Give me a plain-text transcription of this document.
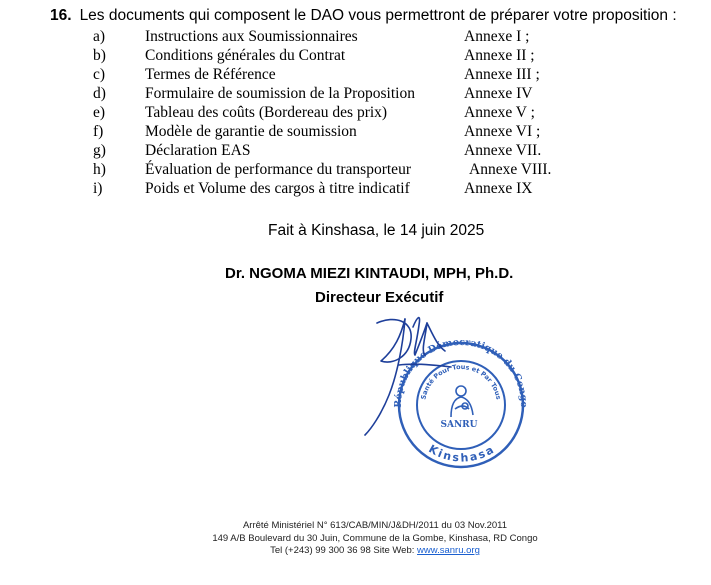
16. Les documents qui composent le DAO vous permettront de préparer votre proposition :
a)	Instructions aux Soumissionnaires	Annexe I ;
b)	Conditions générales du Contrat	Annexe II ;
c)	Termes de Référence	Annexe III ;
d)	Formulaire de soumission de la Proposition	Annexe IV
e)	Tableau des coûts (Bordereau des prix)	Annexe V ;
f)	Modèle de garantie de soumission	Annexe VI ;
g)	Déclaration EAS	Annexe VII.
h)	Évaluation de performance du transporteur	Annexe VIII.
i)	Poids et Volume des cargos à titre indicatif	Annexe IX
Fait à Kinshasa, le 14 juin 2025
Dr. NGOMA MIEZI KINTAUDI, MPH, Ph.D.
Directeur Exécutif
République Démocratique du Congo
Kinshasa
Santé Pour Tous et Par Tous
SANRU
Arrêté Ministériel N° 613/CAB/MIN/J&DH/2011 du 03 Nov.2011
149 A/B Boulevard du 30 Juin, Commune de la Gombe, Kinshasa, RD Congo
Tel (+243) 99 300 36 98 Site Web: www.sanru.org
